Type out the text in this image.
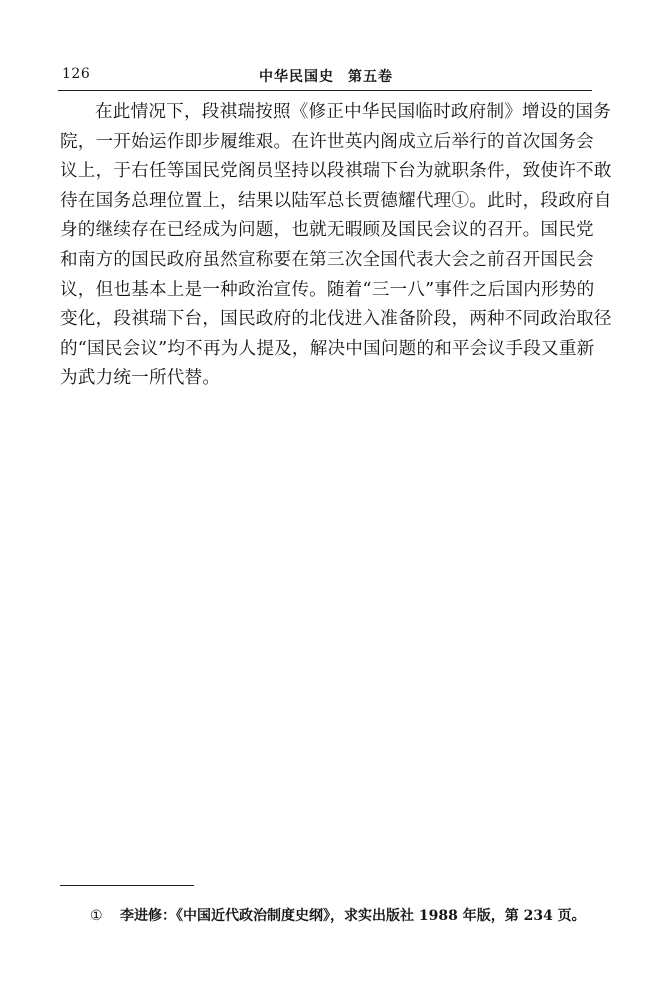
126	中华民国史 第五卷
在此情况下，段祺瑞按照《修正中华民国临时政府制》增设的国务
院，一开始运作即步履维艰。在许世英内阁成立后举行的首次国务会
议上，于右任等国民党阁员坚持以段祺瑞下台为就职条件，致使许不敢
待在国务总理位置上，结果以陆军总长贾德耀代理①。此时，段政府自
身的继续存在已经成为问题，也就无暇顾及国民会议的召开。国民党
和南方的国民政府虽然宣称要在第三次全国代表大会之前召开国民会
议，但也基本上是一种政治宣传。随着“三一八”事件之后国内形势的
变化，段祺瑞下台，国民政府的北伐进入准备阶段，两种不同政治取径
的“国民会议”均不再为人提及，解决中国问题的和平会议手段又重新
为武力统一所代替。
① 李进修：《中国近代政治制度史纲》，求实出版社 1988 年版，第 234 页。
